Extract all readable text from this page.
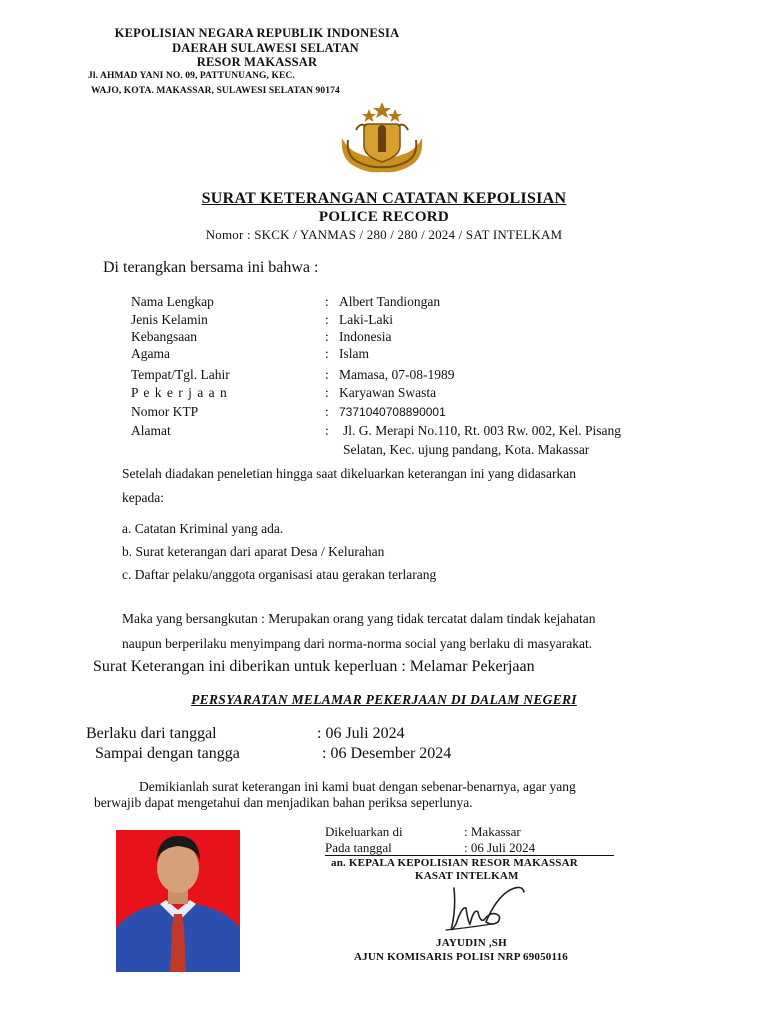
KEPOLISIAN NEGARA REPUBLIK INDONESIA
DAERAH SULAWESI SELATAN
RESOR MAKASSAR
Jl. AHMAD YANI NO. 09, PATTUNUANG, KEC.
WAJO, KOTA. MAKASSAR, SULAWESI SELATAN 90174
SURAT KETERANGAN CATATAN KEPOLISIAN
POLICE RECORD
Nomor : SKCK / YANMAS / 280 / 280 / 2024 / SAT INTELKAM
Di terangkan bersama ini bahwa :
Nama Lengkap	: Albert Tandiongan
Jenis Kelamin	: Laki-Laki
Kebangsaan	: Indonesia
Agama	: Islam
Tempat/Tgl. Lahir	: Mamasa, 07-08-1989
P e k e r j a a n	: Karyawan Swasta
Nomor KTP	: 7371040708890001
Alamat	: Jl. G. Merapi No.110, Rt. 003 Rw. 002, Kel. Pisang
Selatan, Kec. ujung pandang, Kota. Makassar
Setelah diadakan peneletian hingga saat dikeluarkan keterangan ini yang didasarkan
kepada:
a. Catatan Kriminal yang ada.
b. Surat keterangan dari aparat Desa / Kelurahan
c. Daftar pelaku/anggota organisasi atau gerakan terlarang
Maka yang bersangkutan : Merupakan orang yang tidak tercatat dalam tindak kejahatan
naupun berperilaku menyimpang dari norma-norma social yang berlaku di masyarakat.
Surat Keterangan ini diberikan untuk keperluan : Melamar Pekerjaan
PERSYARATAN MELAMAR PEKERJAAN DI DALAM NEGERI
Berlaku dari tanggal	: 06 Juli 2024
Sampai dengan tangga	: 06 Desember 2024
Demikianlah surat keterangan ini kami buat dengan sebenar-benarnya, agar yang
berwajib dapat mengetahui dan menjadikan bahan periksa seperlunya.
Dikeluarkan di	: Makassar
Pada tanggal	: 06 Juli 2024
an. KEPALA KEPOLISIAN RESOR MAKASSAR
KASAT INTELKAM
JAYUDIN ,SH
AJUN KOMISARIS POLISI NRP 69050116
